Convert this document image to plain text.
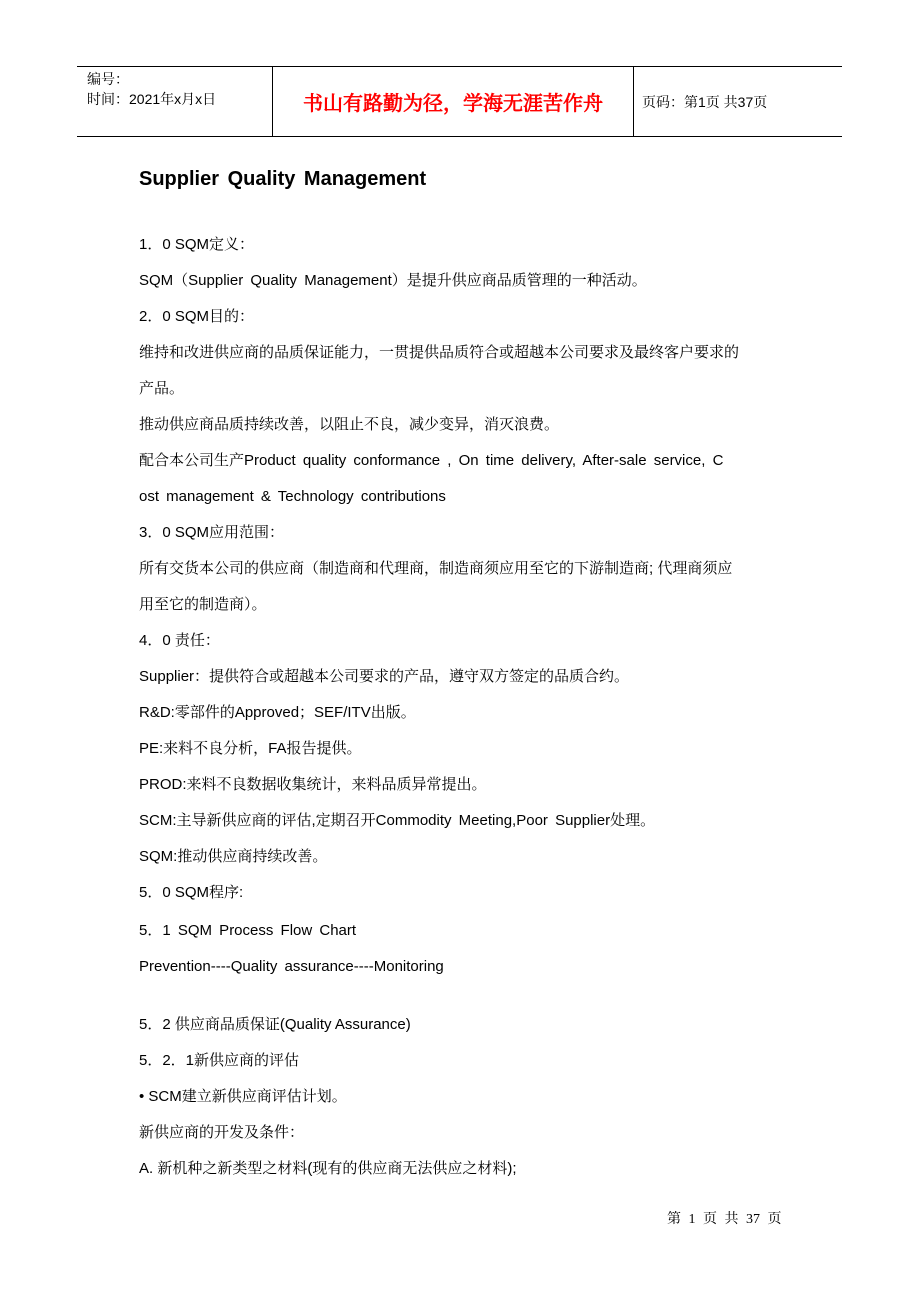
编号：
时间：2021年x月x日	书山有路勤为径，学海无涯苦作舟	页码：第1页 共37页
Supplier Quality Management
1．0 SQM定义：
SQM（Supplier Quality Management）是提升供应商品质管理的一种活动。
2．0 SQM目的：
维持和改进供应商的品质保证能力，一贯提供品质符合或超越本公司要求及最终客户要求的
产品。
推动供应商品质持续改善，以阻止不良，减少变异，消灭浪费。
配合本公司生产Product quality conformance , On time delivery, After-sale service, C
ost management & Technology contributions
3．0 SQM应用范围：
所有交货本公司的供应商（制造商和代理商，制造商须应用至它的下游制造商; 代理商须应
用至它的制造商）。
4．0 责任：
Supplier：提供符合或超越本公司要求的产品，遵守双方签定的品质合约。
R&D:零部件的Approved；SEF/ITV出版。
PE:来料不良分析，FA报告提供。
PROD:来料不良数据收集统计，来料品质异常提出。
SCM:主导新供应商的评估,定期召开Commodity Meeting,Poor Supplier处理。
SQM:推动供应商持续改善。
5．0 SQM程序:
5．1 SQM Process Flow Chart
Prevention----Quality assurance----Monitoring
5．2 供应商品质保证(Quality Assurance)
5．2．1新供应商的评估
• SCM建立新供应商评估计划。
新供应商的开发及条件：
A. 新机种之新类型之材料(现有的供应商无法供应之材料);
第 1 页 共 37 页
